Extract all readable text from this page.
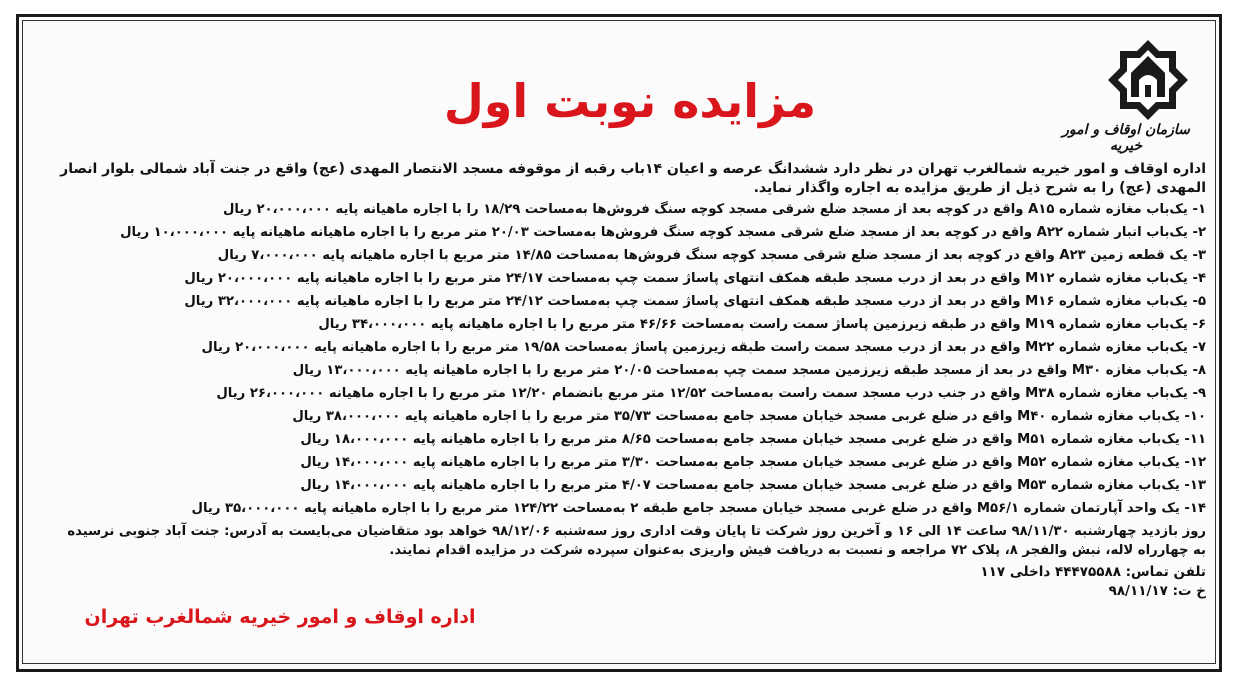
سازمان اوقاف و امور خیریه
مزایده نوبت اول

اداره اوقاف و امور خیریه شمالغرب تهران در نظر دارد ششدانگ عرصه و اعیان ۱۴باب رقبه از موقوفه مسجد الانتصار المهدی (عج) واقع در جنت آباد شمالی بلوار انصار المهدی (عج) را به شرح ذیل از طریق مزایده به اجاره واگذار نماید.

۱- یک‌باب مغازه شماره A۱۵ واقع در کوچه بعد از مسجد ضلع شرقی مسجد کوچه سنگ فروش‌ها به‌مساحت ۱۸/۲۹ را با اجاره ماهیانه پایه ۲۰،۰۰۰،۰۰۰ ریال
۲- یک‌باب انبار شماره A۲۲ واقع در کوچه بعد از مسجد ضلع شرقی مسجد کوچه سنگ فروش‌ها به‌مساحت ۲۰/۰۳ متر مربع را با اجاره ماهیانه ماهیانه پایه ۱۰،۰۰۰،۰۰۰ ریال
۳- یک قطعه زمین A۲۳ واقع در کوچه بعد از مسجد ضلع شرقی مسجد کوچه سنگ فروش‌ها به‌مساحت ۱۴/۸۵ متر مربع با اجاره ماهیانه پایه ۷،۰۰۰،۰۰۰ ریال
۴- یک‌باب مغازه شماره M۱۲ واقع در بعد از درب مسجد طبقه همکف انتهای پاساژ سمت چپ به‌مساحت ۲۴/۱۷ متر مربع را با اجاره ماهیانه پایه ۲۰،۰۰۰،۰۰۰ ریال
۵- یک‌باب مغازه شماره M۱۶ واقع در بعد از درب مسجد طبقه همکف انتهای پاساژ سمت چپ به‌مساحت ۲۴/۱۲ متر مربع را با اجاره ماهیانه پایه ۳۲،۰۰۰،۰۰۰ ریال
۶- یک‌باب مغازه شماره M۱۹ واقع در طبقه زیرزمین پاساژ سمت راست به‌مساحت ۴۶/۶۶ متر مربع را با اجاره ماهیانه پایه ۳۴،۰۰۰،۰۰۰ ریال
۷- یک‌باب مغازه شماره M۲۲ واقع در بعد از درب مسجد سمت راست طبقه زیرزمین پاساژ به‌مساحت ۱۹/۵۸ متر مربع را با اجاره ماهیانه پایه ۲۰،۰۰۰،۰۰۰ ریال
۸- یک‌باب مغازه M۳۰ واقع در بعد از مسجد طبقه زیرزمین مسجد سمت چپ به‌مساحت ۲۰/۰۵ متر مربع را با اجاره ماهیانه پایه ۱۳،۰۰۰،۰۰۰ ریال
۹- یک‌باب مغازه شماره M۳۸ واقع در جنب درب مسجد سمت راست به‌مساحت ۱۲/۵۲ متر مربع بانضمام ۱۲/۲۰ متر مربع را با اجاره ماهیانه ۲۶،۰۰۰،۰۰۰ ریال
۱۰- یک‌باب مغازه شماره M۴۰ واقع در ضلع غربی مسجد خیابان مسجد جامع به‌مساحت ۳۵/۷۳ متر مربع را با اجاره ماهیانه پایه ۳۸،۰۰۰،۰۰۰ ریال
۱۱- یک‌باب مغازه شماره M۵۱ واقع در ضلع غربی مسجد خیابان مسجد جامع به‌مساحت ۸/۶۵ متر مربع را با اجاره ماهیانه پایه ۱۸،۰۰۰،۰۰۰ ریال
۱۲- یک‌باب مغازه شماره M۵۲ واقع در ضلع غربی مسجد خیابان مسجد جامع به‌مساحت ۳/۳۰ متر مربع را با اجاره ماهیانه پایه ۱۴،۰۰۰،۰۰۰ ریال
۱۳- یک‌باب مغازه شماره M۵۳ واقع در ضلع غربی مسجد خیابان مسجد جامع به‌مساحت ۴/۰۷ متر مربع را با اجاره ماهیانه پایه ۱۴،۰۰۰،۰۰۰ ریال
۱۴- یک واحد آپارتمان شماره M۵۶/۱ واقع در ضلع غربی مسجد خیابان مسجد جامع طبقه ۲ به‌مساحت ۱۲۴/۲۲ متر مربع را با اجاره ماهیانه پایه ۳۵،۰۰۰،۰۰۰ ریال

روز بازدید چهارشنبه ۹۸/۱۱/۳۰ ساعت ۱۴ الی ۱۶ و آخرین روز شرکت تا پایان وقت اداری روز سه‌شنبه ۹۸/۱۲/۰۶ خواهد بود متقاضیان می‌بایست به آدرس: جنت آباد جنوبی نرسیده به چهارراه لاله، نبش والفجر ۸، پلاک ۷۲ مراجعه و نسبت به دریافت فیش واریزی به‌عنوان سپرده شرکت در مزایده اقدام نمایند.

تلفن تماس: ۴۴۴۷۵۵۸۸ داخلی ۱۱۷

خ ت: ۹۸/۱۱/۱۷

اداره اوقاف و امور خیریه شمالغرب تهران
